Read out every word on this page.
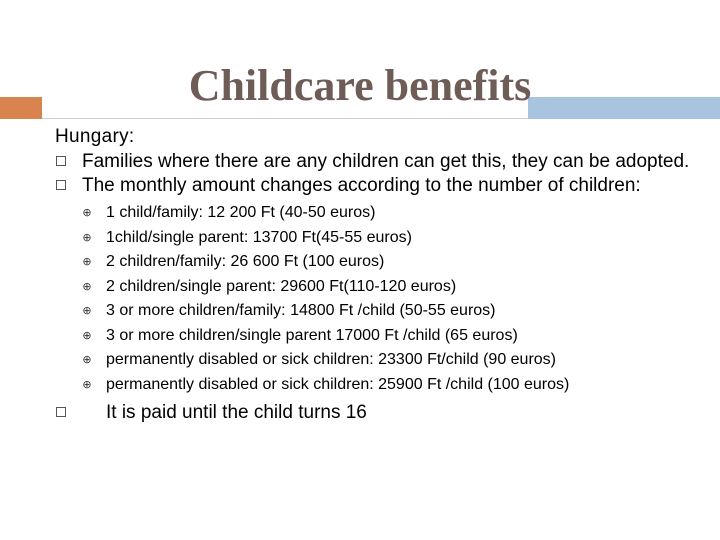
Childcare benefits
Hungary:
Families where there are any children can get this, they can be adopted.
The monthly amount changes according to the number of children:
⊕ 1 child/family: 12 200 Ft (40-50 euros)
⊕ 1child/single parent: 13700 Ft(45-55 euros)
⊕ 2 children/family: 26 600 Ft (100 euros)
⊕ 2 children/single parent: 29600 Ft(110-120 euros)
⊕ 3 or more children/family: 14800 Ft /child (50-55 euros)
⊕ 3 or more children/single parent 17000 Ft /child (65 euros)
⊕ permanently disabled or sick children: 23300 Ft/child (90 euros)
⊕ permanently disabled or sick children: 25900 Ft /child (100 euros)
It is paid until the child turns 16
